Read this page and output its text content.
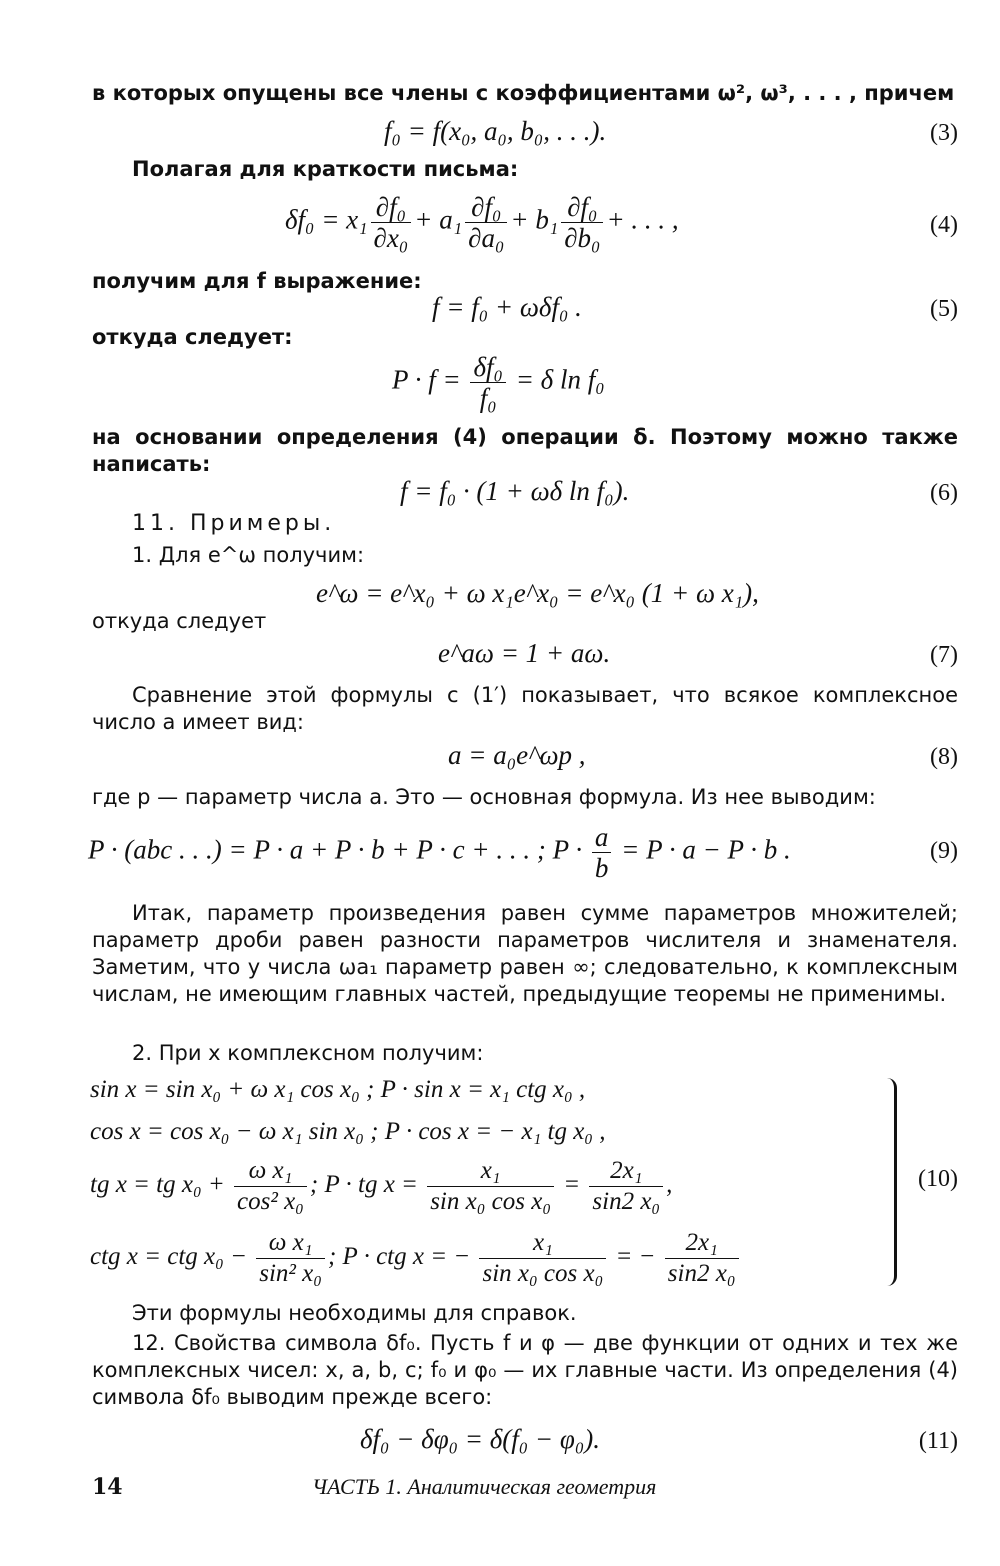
в которых опущены все члены с коэффициентами ω², ω³, . . . , причем
f₀ = f(x₀, a₀, b₀, . . .).	(3)
Полагая для краткости письма:
$\delta f_0 = x_1 \frac{\text{∂f₀}}{\text{∂x₀}} + a_1 \frac{\text{∂f₀}}{\text{∂a₀}} + b_1 \frac{\text{∂f₀}}{\text{∂b₀}}$ + . . . ,	(4)
получим для f выражение:
f = f₀ + ωδf₀ .	(5)
откуда следует:
$P \cdot f = \frac{\text{δf₀}}{\text{f₀}} = \delta$ ln f₀
на основании определения (4) операции δ. Поэтому можно также написать:
f = f₀ · (1 + ωδ ln f₀).	(6)
11. Примеры.
1. Для e^ω получим:
e^ω = e^x₀ + ω x₁e^x₀ = e^x₀ (1 + ω x₁),
откуда следует
e^aω = 1 + aω.	(7)
Сравнение этой формулы с (1′) показывает, что всякое комплексное число a имеет вид:
a = a₀e^ωp ,	(8)
где p — параметр числа a. Это — основная формула. Из нее выводим:
P · (abc . . .) = P · a + P · b + P · c + . . . ; $P \cdot \frac{a}{b} = P \cdot a - P \cdot b$ .	(9)
Итак, параметр произведения равен сумме параметров множителей; параметр дроби равен разности параметров числителя и знаменателя. Заметим, что у числа ωa₁ параметр равен ∞; следовательно, к комплексным числам, не имеющим главных частей, предыдущие теоремы не применимы.
2. При x комплексном получим:
sin x = sin x₀ + ω x₁ cos x₀ ; P · sin x = x₁ ctg x₀ ,
cos x = cos x₀ − ω x₁ sin x₀ ; P · cos x = − x₁ tg x₀ ,
tg x = tg $x_0 + \frac{\text{ω x₁}}{\text{cos² x₀}}$ ; P · tg $x = \frac{\text{x₁}}{\text{sin x₀ cos x₀}} = \frac{\text{2x₁}}{\text{sin2 x₀}}$ ,
ctg x = ctg $x_0 - \frac{\text{ω x₁}}{\text{sin² x₀}}$ ; P · ctg x = − $\frac{\text{x₁}}{\text{sin x₀ cos x₀}}$ = − $\frac{\text{2x₁}}{\text{sin2 x₀}}$
(10)
Эти формулы необходимы для справок.
12. Свойства символа δf₀. Пусть f и φ — две функции от одних и тех же комплексных чисел: x, a, b, c; f₀ и φ₀ — их главные части. Из определения (4) символа δf₀ выводим прежде всего:
δf₀ − δφ₀ = δ(f₀ − φ₀).	(11)
14	ЧАСТЬ 1. Аналитическая геометрия
